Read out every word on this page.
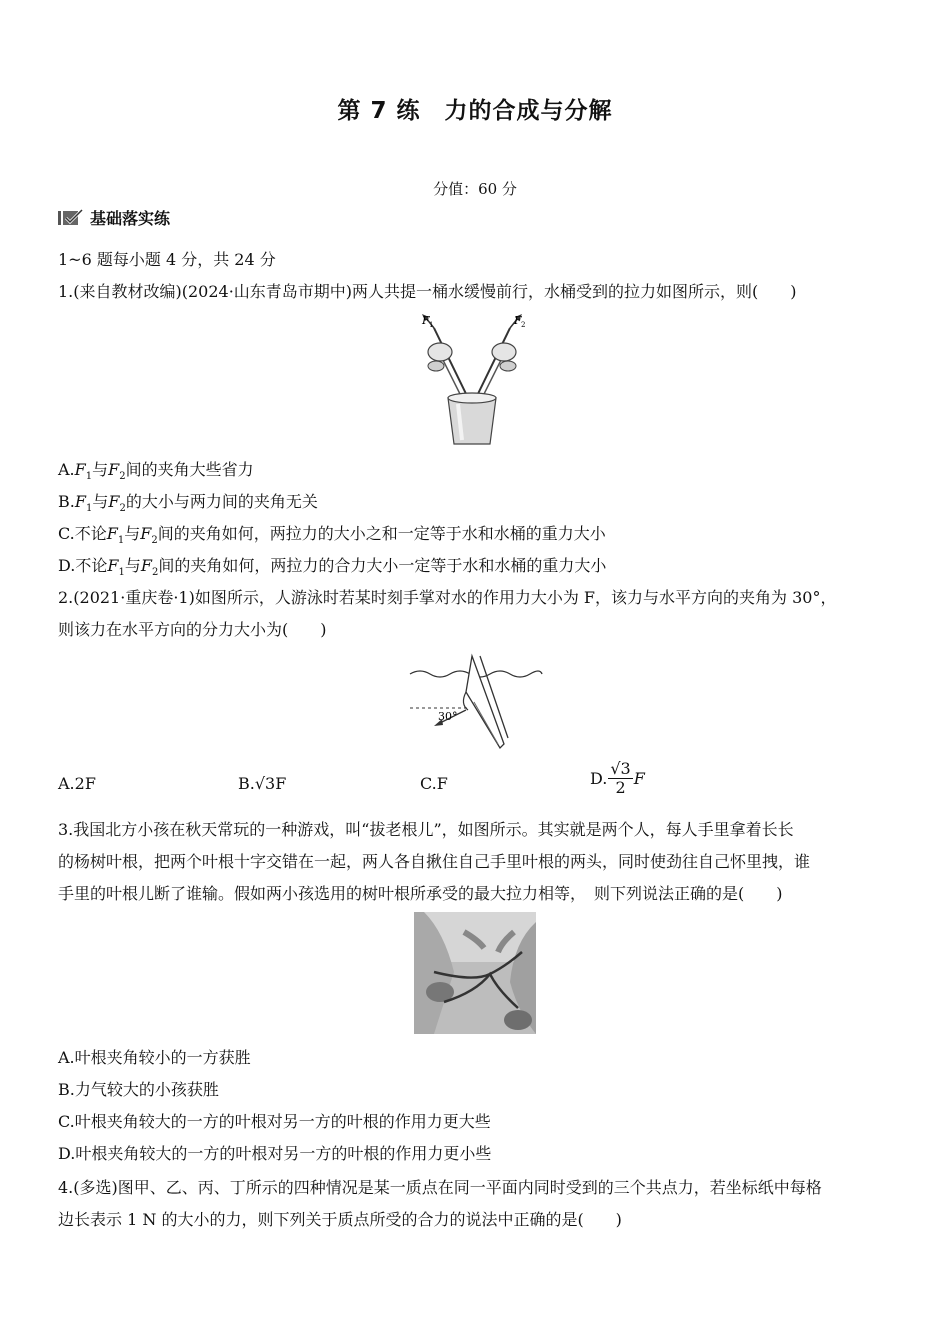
第 7 练　力的合成与分解
分值：60 分
基础落实练
1~6 题每小题 4 分，共 24 分
1.(来自教材改编)(2024·山东青岛市期中)两人共提一桶水缓慢前行，水桶受到的拉力如图所示，则(　　)
F 1	F 2
$A.F_1$与$F_2$间的夹角大些省力
$B.F_1$与$F_2$的大小与两力间的夹角无关
C.不论$F_1$与$F_2$间的夹角如何，两拉力的大小之和一定等于水和水桶的重力大小
D.不论$F_1$与$F_2$间的夹角如何，两拉力的合力大小一定等于水和水桶的重力大小
2.(2021·重庆卷·1)如图所示，人游泳时若某时刻手掌对水的作用力大小为 F，该力与水平方向的夹角为 30°，
则该力在水平方向的分力大小为(　　)
30°
A.2F	B.√3F	C.F	D. $\frac{√3}{2}$ F
3.我国北方小孩在秋天常玩的一种游戏，叫“拔老根儿”，如图所示。其实就是两个人，每人手里拿着长长
的杨树叶根，把两个叶根十字交错在一起，两人各自揪住自己手里叶根的两头，同时使劲往自己怀里拽，谁
手里的叶根儿断了谁输。假如两小孩选用的树叶根所承受的最大拉力相等，　则下列说法正确的是(　　)
A.叶根夹角较小的一方获胜
B.力气较大的小孩获胜
C.叶根夹角较大的一方的叶根对另一方的叶根的作用力更大些
D.叶根夹角较大的一方的叶根对另一方的叶根的作用力更小些
4.(多选)图甲、乙、丙、丁所示的四种情况是某一质点在同一平面内同时受到的三个共点力，若坐标纸中每格
边长表示 1 N 的大小的力，则下列关于质点所受的合力的说法中正确的是(　　)
